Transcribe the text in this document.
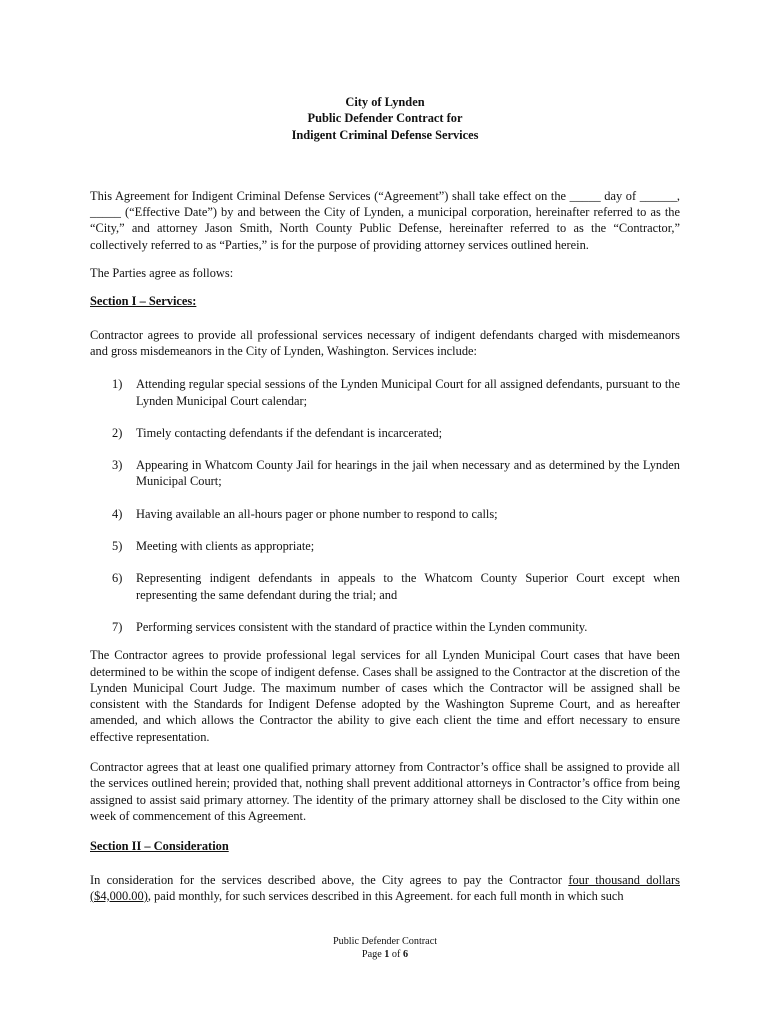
City of Lynden
Public Defender Contract for
Indigent Criminal Defense Services

This Agreement for Indigent Criminal Defense Services (“Agreement”) shall take effect on the _____ day of ______, _____ (“Effective Date”) by and between the City of Lynden, a municipal corporation, hereinafter referred to as the “City,” and attorney Jason Smith, North County Public Defense, hereinafter referred to as the “Contractor,” collectively referred to as “Parties,” is for the purpose of providing attorney services outlined herein.

The Parties agree as follows:

Section I – Services:

Contractor agrees to provide all professional services necessary of indigent defendants charged with misdemeanors and gross misdemeanors in the City of Lynden, Washington. Services include:

1)	Attending regular special sessions of the Lynden Municipal Court for all assigned defendants, pursuant to the Lynden Municipal Court calendar;
2)	Timely contacting defendants if the defendant is incarcerated;
3)	Appearing in Whatcom County Jail for hearings in the jail when necessary and as determined by the Lynden Municipal Court;
4)	Having available an all-hours pager or phone number to respond to calls;
5)	Meeting with clients as appropriate;
6)	Representing indigent defendants in appeals to the Whatcom County Superior Court except when representing the same defendant during the trial; and
7)	Performing services consistent with the standard of practice within the Lynden community.

The Contractor agrees to provide professional legal services for all Lynden Municipal Court cases that have been determined to be within the scope of indigent defense. Cases shall be assigned to the Contractor at the discretion of the Lynden Municipal Court Judge. The maximum number of cases which the Contractor will be assigned shall be consistent with the Standards for Indigent Defense adopted by the Washington Supreme Court, and as hereafter amended, and which allows the Contractor the ability to give each client the time and effort necessary to ensure effective representation.

Contractor agrees that at least one qualified primary attorney from Contractor’s office shall be assigned to provide all the services outlined herein; provided that, nothing shall prevent additional attorneys in Contractor’s office from being assigned to assist said primary attorney. The identity of the primary attorney shall be disclosed to the City within one week of commencement of this Agreement.

Section II – Consideration

In consideration for the services described above, the City agrees to pay the Contractor four thousand dollars ($4,000.00), paid monthly, for such services described in this Agreement. for each full month in which such

Public Defender Contract
Page 1 of 6
